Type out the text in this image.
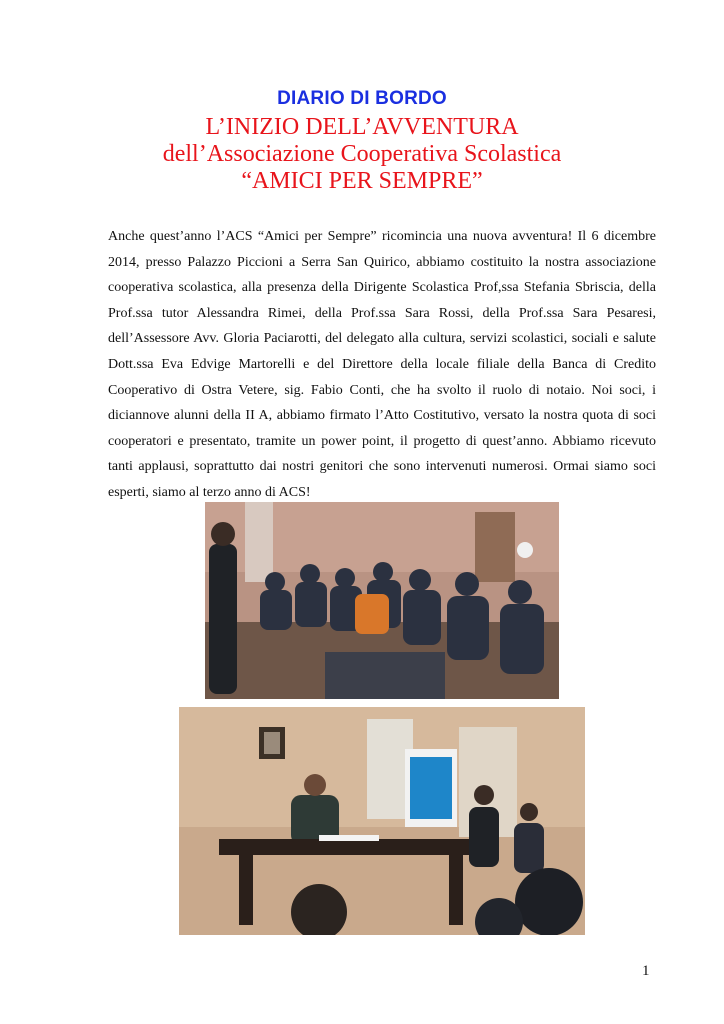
DIARIO DI BORDO
L’INIZIO DELL’AVVENTURA
dell’Associazione Cooperativa Scolastica
“AMICI PER SEMPRE”
Anche quest’anno l’ACS “Amici per Sempre” ricomincia una nuova avventura! Il 6 dicembre 2014, presso Palazzo Piccioni a Serra San Quirico, abbiamo costituito la nostra associazione cooperativa scolastica, alla presenza della Dirigente Scolastica Prof,ssa Stefania Sbriscia, della Prof.ssa tutor Alessandra Rimei, della Prof.ssa Sara Rossi, della Prof.ssa Sara Pesaresi, dell’Assessore Avv. Gloria Paciarotti, del delegato alla cultura, servizi scolastici, sociali e salute Dott.ssa Eva Edvige Martorelli e del Direttore della locale filiale della Banca di Credito Cooperativo di Ostra Vetere, sig. Fabio Conti, che ha svolto il ruolo di notaio. Noi soci, i diciannove alunni della II A, abbiamo firmato l’Atto Costitutivo, versato la nostra quota di soci cooperatori e presentato, tramite un power point, il progetto di quest’anno. Abbiamo ricevuto tanti applausi, soprattutto dai nostri genitori che sono intervenuti numerosi. Ormai siamo soci esperti, siamo al terzo anno di ACS!
1
